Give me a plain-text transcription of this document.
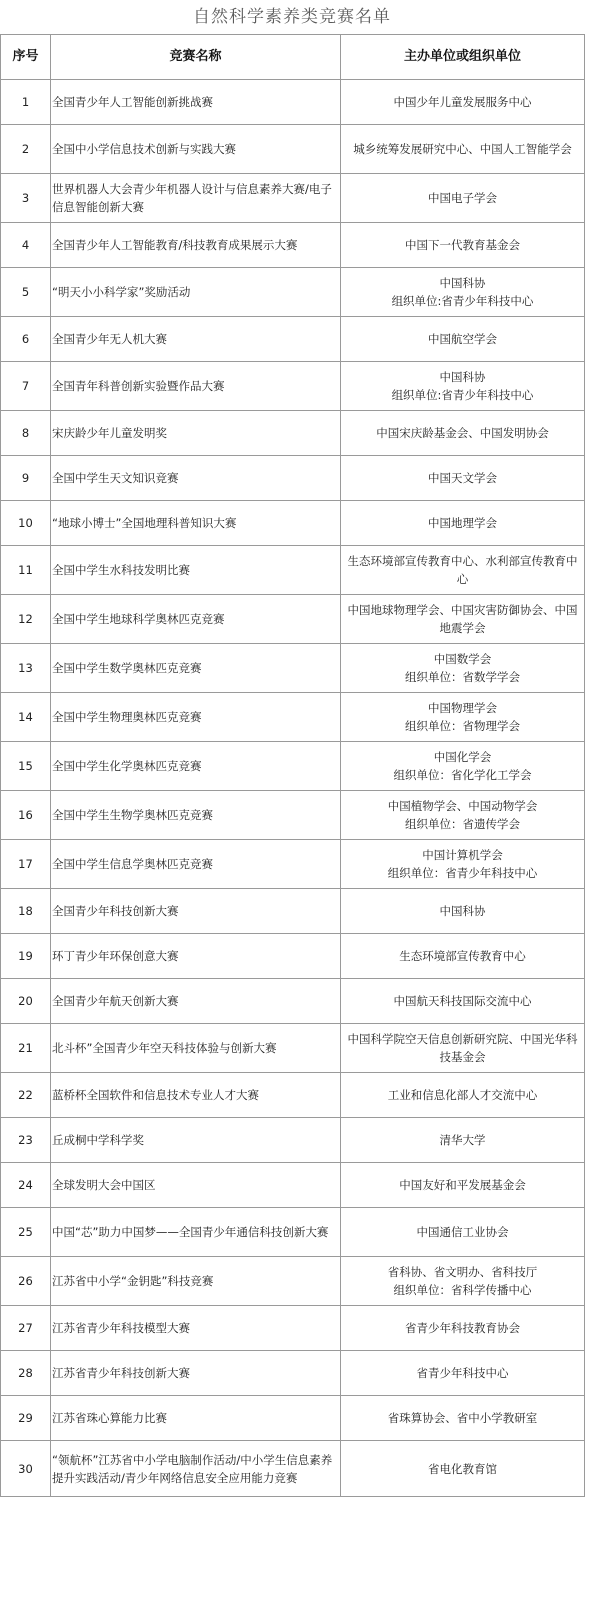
自然科学素养类竞赛名单
序号	竞赛名称	主办单位或组织单位
1	全国青少年人工智能创新挑战赛	中国少年儿童发展服务中心
2	全国中小学信息技术创新与实践大赛	城乡统筹发展研究中心、中国人工智能学会
3	世界机器人大会青少年机器人设计与信息素养大赛/电子信息智能创新大赛	中国电子学会
4	全国青少年人工智能教育/科技教育成果展示大赛	中国下一代教育基金会
5	“明天小小科学家”奖励活动	中国科协
组织单位:省青少年科技中心
6	全国青少年无人机大赛	中国航空学会
7	全国青年科普创新实验暨作品大赛	中国科协
组织单位:省青少年科技中心
8	宋庆龄少年儿童发明奖	中国宋庆龄基金会、中国发明协会
9	全国中学生天文知识竞赛	中国天文学会
10	“地球小博士”全国地理科普知识大赛	中国地理学会
11	全国中学生水科技发明比赛	生态环境部宣传教育中心、水利部宣传教育中心
12	全国中学生地球科学奥林匹克竞赛	中国地球物理学会、中国灾害防御协会、中国地震学会
13	全国中学生数学奥林匹克竞赛	中国数学会
组织单位：省数学学会
14	全国中学生物理奥林匹克竞赛	中国物理学会
组织单位：省物理学会
15	全国中学生化学奥林匹克竞赛	中国化学会
组织单位：省化学化工学会
16	全国中学生生物学奥林匹克竞赛	中国植物学会、中国动物学会
组织单位：省遗传学会
17	全国中学生信息学奥林匹克竞赛	中国计算机学会
组织单位：省青少年科技中心
18	全国青少年科技创新大赛	中国科协
19	环丁青少年环保创意大赛	生态环境部宣传教育中心
20	全国青少年航天创新大赛	中国航天科技国际交流中心
21	北斗杯”全国青少年空天科技体验与创新大赛	中国科学院空天信息创新研究院、中国光华科技基金会
22	蓝桥杯全国软件和信息技术专业人才大赛	工业和信息化部人才交流中心
23	丘成桐中学科学奖	清华大学
24	全球发明大会中国区	中国友好和平发展基金会
25	中国“芯”助力中国梦——全国青少年通信科技创新大赛	中国通信工业协会
26	江苏省中小学“金钥匙”科技竞赛	省科协、省文明办、省科技厅
组织单位：省科学传播中心
27	江苏省青少年科技模型大赛	省青少年科技教育协会
28	江苏省青少年科技创新大赛	省青少年科技中心
29	江苏省珠心算能力比赛	省珠算协会、省中小学教研室
30	“领航杯”江苏省中小学电脑制作活动/中小学生信息素养提升实践活动/青少年网络信息安全应用能力竞赛	省电化教育馆
